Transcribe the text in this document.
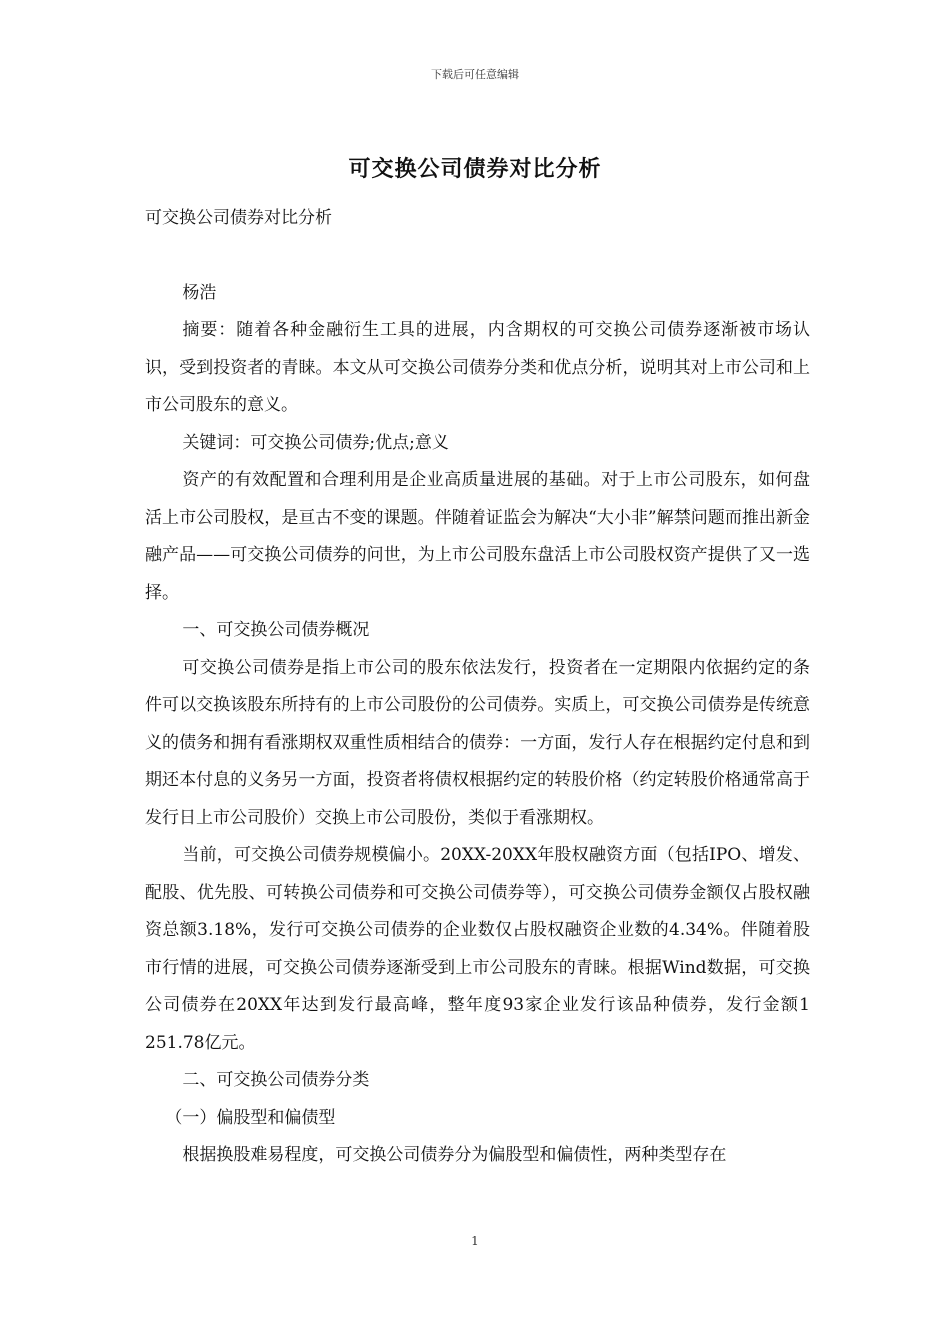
下载后可任意编辑
可交换公司债券对比分析

可交换公司债券对比分析

杨浩

摘要：随着各种金融衍生工具的进展，内含期权的可交换公司债券逐渐被市场认识，受到投资者的青睐。本文从可交换公司债券分类和优点分析，说明其对上市公司和上市公司股东的意义。

关键词：可交换公司债券;优点;意义

资产的有效配置和合理利用是企业高质量进展的基础。对于上市公司股东，如何盘活上市公司股权，是亘古不变的课题。伴随着证监会为解决“大小非”解禁问题而推出新金融产品——可交换公司债券的问世，为上市公司股东盘活上市公司股权资产提供了又一选择。

一、可交换公司债券概况

可交换公司债券是指上市公司的股东依法发行，投资者在一定期限内依据约定的条件可以交换该股东所持有的上市公司股份的公司债券。实质上，可交换公司债券是传统意义的债务和拥有看涨期权双重性质相结合的债券：一方面，发行人存在根据约定付息和到期还本付息的义务另一方面，投资者将债权根据约定的转股价格（约定转股价格通常高于发行日上市公司股价）交换上市公司股份，类似于看涨期权。

当前，可交换公司债券规模偏小。20XX-20XX年股权融资方面（包括IPO、增发、配股、优先股、可转换公司债券和可交换公司债券等），可交换公司债券金额仅占股权融资总额3.18%，发行可交换公司债券的企业数仅占股权融资企业数的4.34%。伴随着股市行情的进展，可交换公司债券逐渐受到上市公司股东的青睐。根据Wind数据，可交换公司债券在20XX年达到发行最高峰，整年度93家企业发行该品种债券，发行金额1 251.78亿元。

二、可交换公司债券分类

（一）偏股型和偏债型

根据换股难易程度，可交换公司债券分为偏股型和偏债性，两种类型存在

1
